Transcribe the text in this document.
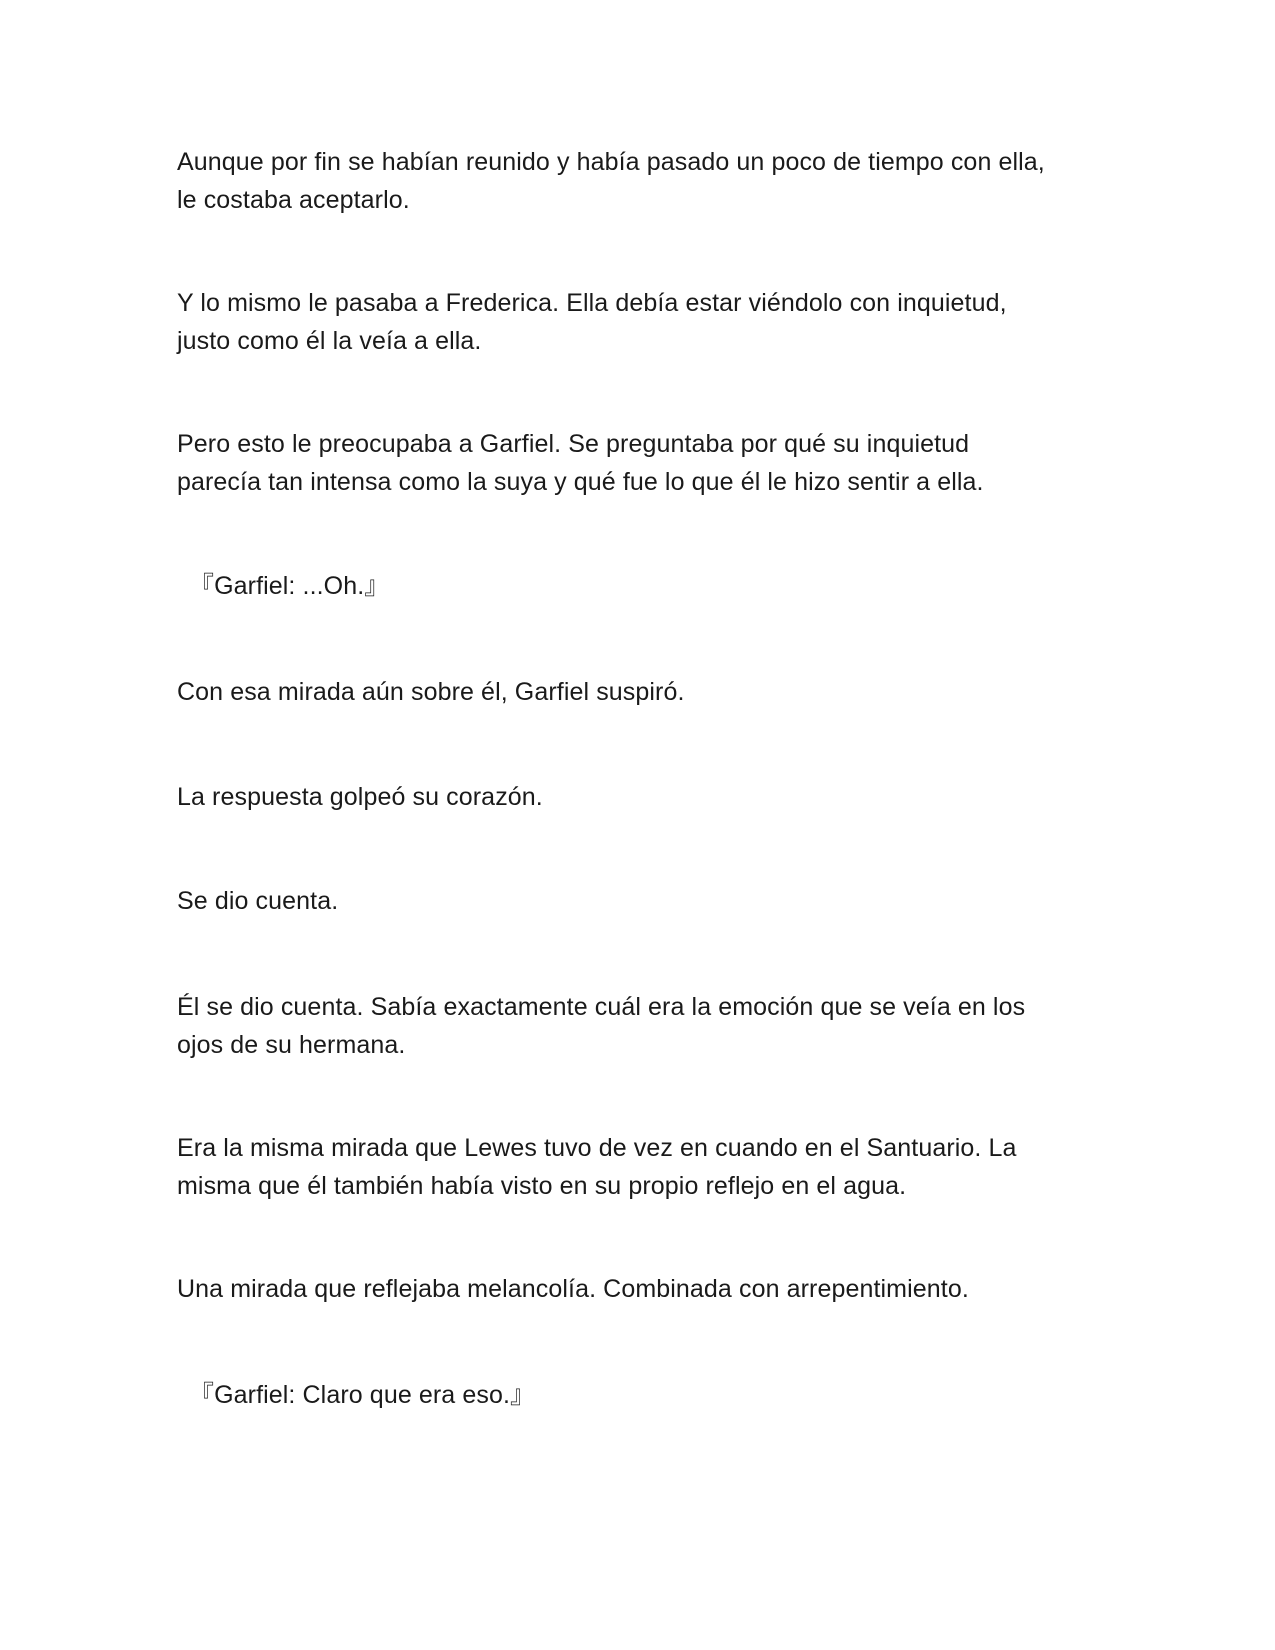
Aunque por fin se habían reunido y había pasado un poco de tiempo con ella,
le costaba aceptarlo.

Y lo mismo le pasaba a Frederica. Ella debía estar viéndolo con inquietud,
justo como él la veía a ella.

Pero esto le preocupaba a Garfiel. Se preguntaba por qué su inquietud
parecía tan intensa como la suya y qué fue lo que él le hizo sentir a ella.

『Garfiel: ...Oh.』

Con esa mirada aún sobre él, Garfiel suspiró.

La respuesta golpeó su corazón.

Se dio cuenta.

Él se dio cuenta. Sabía exactamente cuál era la emoción que se veía en los
ojos de su hermana.

Era la misma mirada que Lewes tuvo de vez en cuando en el Santuario. La
misma que él también había visto en su propio reflejo en el agua.

Una mirada que reflejaba melancolía. Combinada con arrepentimiento.

『Garfiel: Claro que era eso.』
